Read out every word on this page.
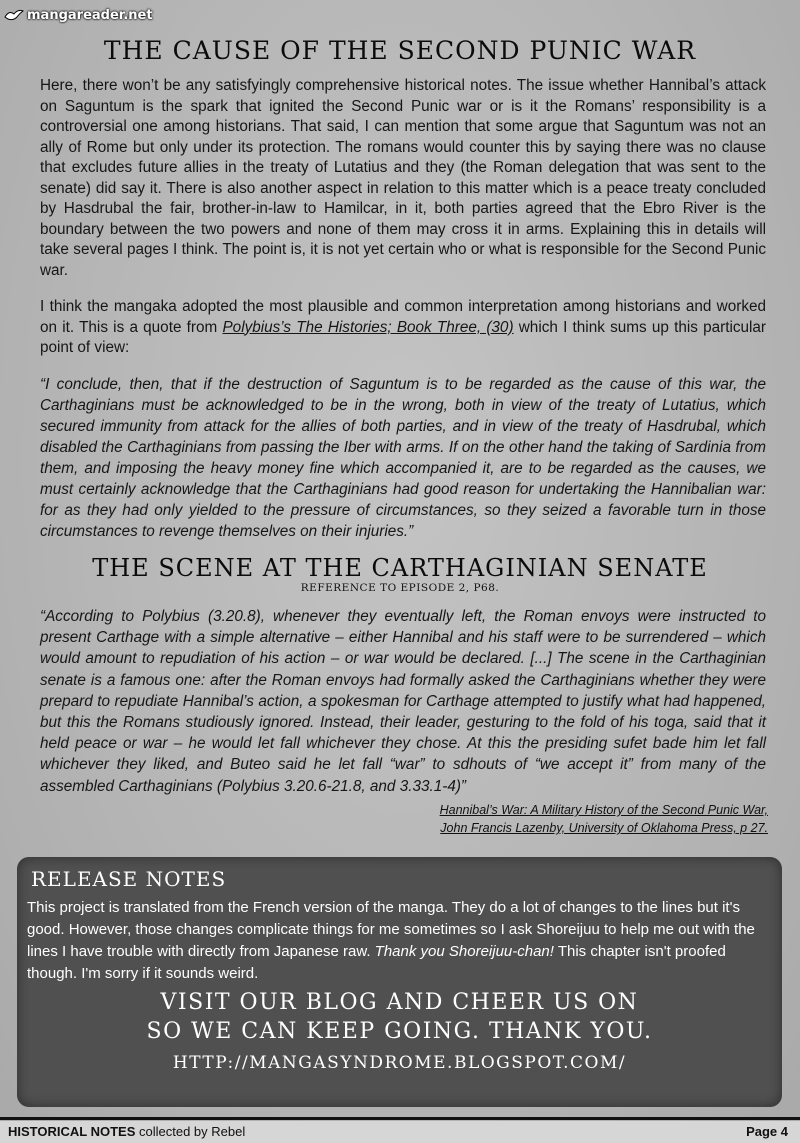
mangareader.net
THE CAUSE OF THE SECOND PUNIC WAR

Here, there won’t be any satisfyingly comprehensive historical notes. The issue whether Hannibal’s attack on Saguntum is the spark that ignited the Second Punic war or is it the Romans’ responsibility is a controversial one among historians. That said, I can mention that some argue that Saguntum was not an ally of Rome but only under its protection. The romans would counter this by saying there was no clause that excludes future allies in the treaty of Lutatius and they (the Roman delegation that was sent to the senate) did say it. There is also another aspect in relation to this matter which is a peace treaty concluded by Hasdrubal the fair, brother-in-law to Hamilcar, in it, both parties agreed that the Ebro River is the boundary between the two powers and none of them may cross it in arms. Explaining this in details will take several pages I think. The point is, it is not yet certain who or what is responsible for the Second Punic war.

I think the mangaka adopted the most plausible and common interpretation among historians and worked on it. This is a quote from Polybius’s The Histories; Book Three, (30) which I think sums up this particular point of view:

“I conclude, then, that if the destruction of Saguntum is to be regarded as the cause of this war, the Carthaginians must be acknowledged to be in the wrong, both in view of the treaty of Lutatius, which secured immunity from attack for the allies of both parties, and in view of the treaty of Hasdrubal, which disabled the Carthaginians from passing the Iber with arms. If on the other hand the taking of Sardinia from them, and imposing the heavy money fine which accompanied it, are to be regarded as the causes, we must certainly acknowledge that the Carthaginians had good reason for undertaking the Hannibalian war: for as they had only yielded to the pressure of circumstances, so they seized a favorable turn in those circumstances to revenge themselves on their injuries.”

THE SCENE AT THE CARTHAGINIAN SENATE

REFERENCE TO EPISODE 2, P68.

“According to Polybius (3.20.8), whenever they eventually left, the Roman envoys were instructed to present Carthage with a simple alternative – either Hannibal and his staff were to be surrendered – which would amount to repudiation of his action – or war would be declared. [...] The scene in the Carthaginian senate is a famous one: after the Roman envoys had formally asked the Carthaginians whether they were prepard to repudiate Hannibal’s action, a spokesman for Carthage attempted to justify what had happened, but this the Romans studiously ignored. Instead, their leader, gesturing to the fold of his toga, said that it held peace or war – he would let fall whichever they chose. At this the presiding sufet bade him let fall whichever they liked, and Buteo said he let fall “war” to sdhouts of “we accept it” from many of the assembled Carthaginians (Polybius 3.20.6-21.8, and 3.33.1-4)”

Hannibal’s War: A Military History of the Second Punic War,

John Francis Lazenby, University of Oklahoma Press, p 27.

RELEASE NOTES

This project is translated from the French version of the manga. They do a lot of changes to the lines but it's good. However, those changes complicate things for me sometimes so I ask Shoreijuu to help me out with the lines I have trouble with directly from Japanese raw. Thank you Shoreijuu-chan! This chapter isn't proofed though. I'm sorry if it sounds weird.

VISIT OUR BLOG AND CHEER US ON

SO WE CAN KEEP GOING. THANK YOU.

HTTP://MANGASYNDROME.BLOGSPOT.COM/

HISTORICAL NOTES collected by Rebel	Page 4
